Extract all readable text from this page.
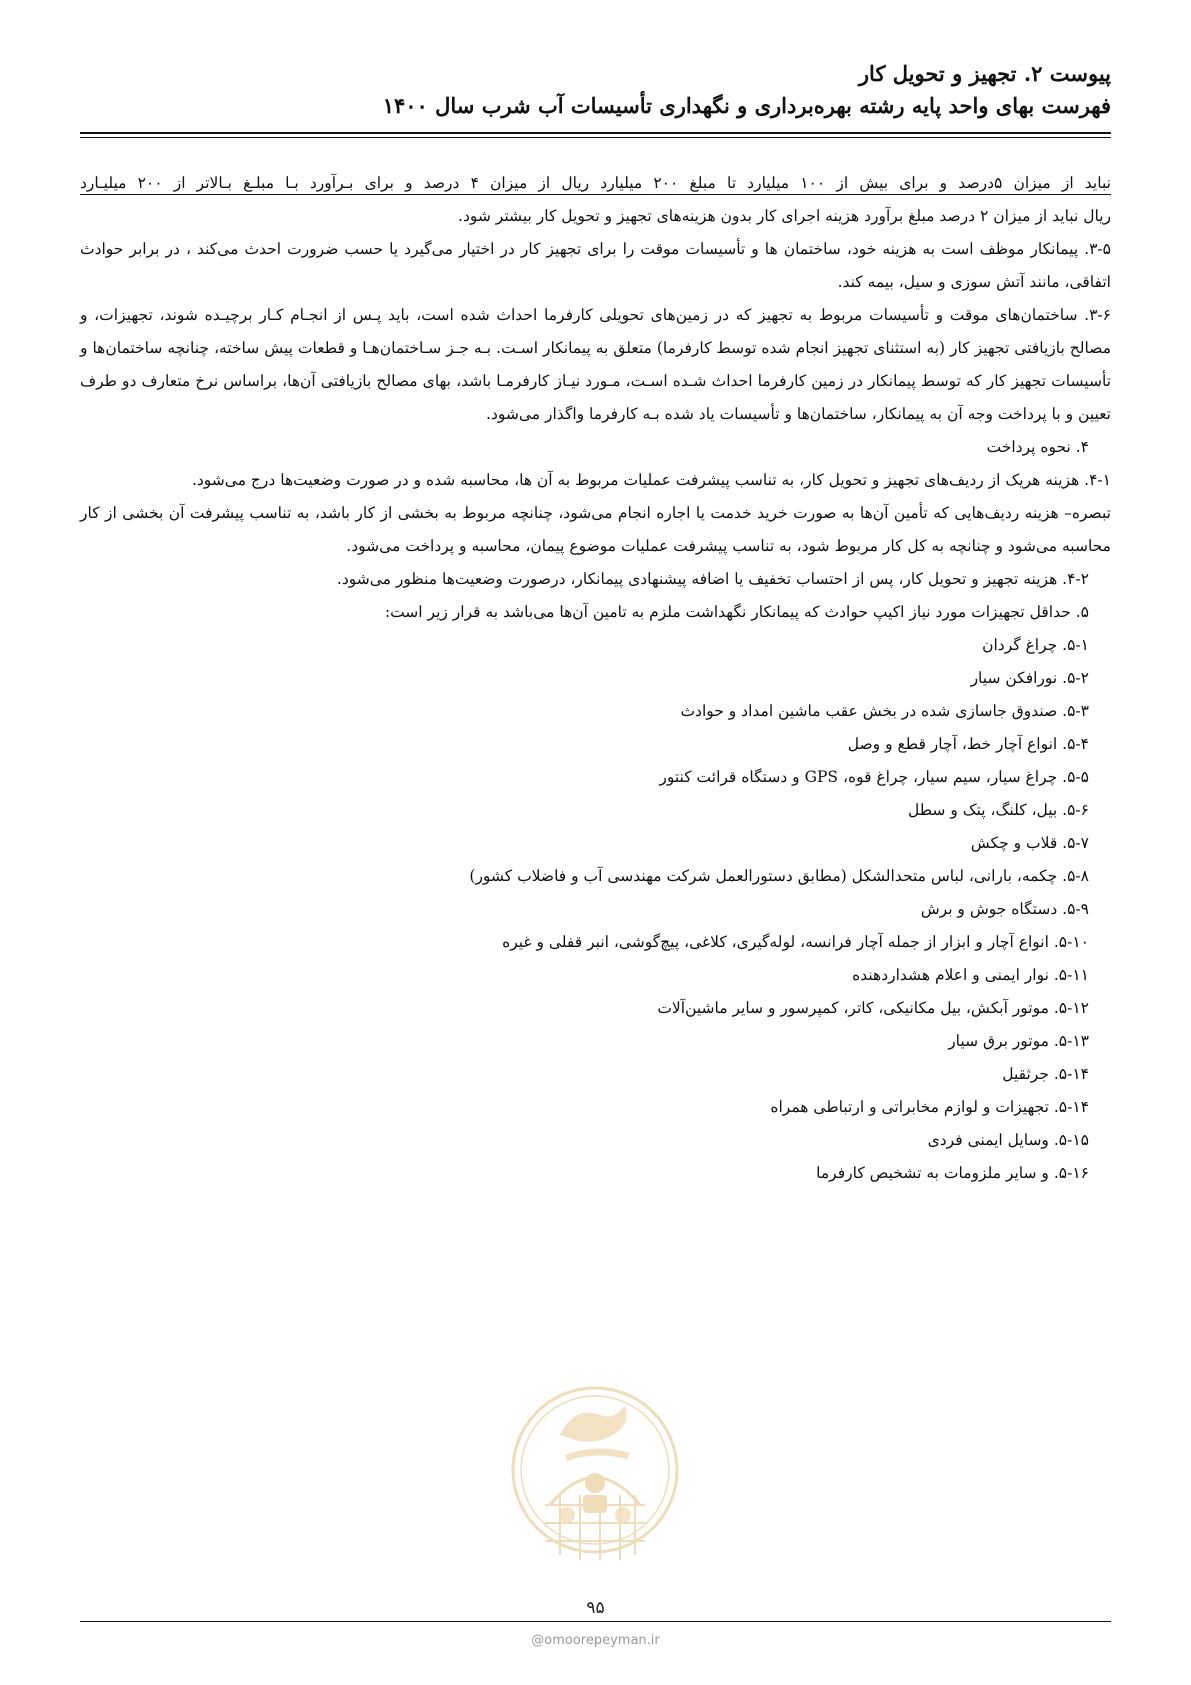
پیوست ۲. تجهیز و تحویل کار
فهرست بهای واحد پایه رشته بهره‌برداری و نگهداری تأسیسات آب شرب سال ۱۴۰۰

نباید از میزان ۵درصد و برای بیش از ۱۰۰ میلیارد تا مبلغ ۲۰۰ میلیارد ریال از میزان ۴ درصد و برای بـرآورد بـا مبلـغ بـالاتر از ۲۰۰ میلیـارد

ریال نباید از میزان ۲ درصد مبلغ برآورد هزینه اجرای کار بدون هزینه‌های تجهیز و تحویل کار بیشتر شود.

۳-۵. پیمانکار موظف است به هزینه خود، ساختمان ها و تأسیسات موقت را برای تجهیز کار در اختیار می‌گیرد یا حسب ضرورت احدث می‌کند ، در برابر حوادث اتفاقی، مانند آتش سوزی و سیل، بیمه کند.

۳-۶. ساختمان‌های موقت و تأسیسات مربوط به تجهیز که در زمین‌های تحویلی کارفرما احداث شده است، باید پـس از انجـام کـار برچیـده شوند، تجهیزات، و مصالح بازیافتی تجهیز کار (به استثنای تجهیز انجام شده توسط کارفرما) متعلق به پیمانکار اسـت. بـه جـز سـاختمان‌هـا و قطعات پیش ساخته، چنانچه ساختمان‌ها و تأسیسات تجهیز کار که توسط پیمانکار در زمین کارفرما احداث شـده اسـت، مـورد نیـاز کارفرمـا باشد، بهای مصالح بازیافتی آن‌ها، براساس نرخ متعارف دو طرف تعیین و با پرداخت وجه آن به پیمانکار، ساختمان‌ها و تأسیسات یاد شده بـه کارفرما واگذار می‌شود.

۴. نحوه پرداخت

۴-۱. هزینه هریک از ردیف‌های تجهیز و تحویل کار، به تناسب پیشرفت عملیات مربوط به آن ها، محاسبه شده و در صورت وضعیت‌ها درج می‌شود.

تبصره– هزینه ردیف‌هایی که تأمین آن‌ها به صورت خرید خدمت یا اجاره انجام می‌شود، چنانچه مربوط به بخشی از کار باشد، به تناسب پیشرفت آن بخشی از کار محاسبه می‌شود و چنانچه به کل کار مربوط شود، به تناسب پیشرفت عملیات موضوع پیمان، محاسبه و پرداخت می‌شود.

۴-۲. هزینه تجهیز و تحویل کار، پس از احتساب تخفیف یا اضافه پیشنهادی پیمانکار، درصورت وضعیت‌ها منظور می‌شود.

۵. حداقل تجهیزات مورد نیاز اکیپ حوادث که پیمانکار نگهداشت ملزم به تامین آن‌ها می‌باشد به قرار زیر است:

۵-۱. چراغ گردان

۵-۲. نورافکن سیار

۵-۳. صندوق جاسازی شده در بخش عقب ماشین امداد و حوادث

۵-۴. انواع آچار خط، آچار قطع و وصل

۵-۵. چراغ سیار، سیم سیار، چراغ قوه، GPS و دستگاه قرائت کنتور

۵-۶. بیل، کلنگ، پتک و سطل

۵-۷. قلاب و چکش

۵-۸. چکمه، بارانی، لباس متحدالشکل (مطابق دستورالعمل شرکت مهندسی آب و فاضلاب کشور)

۵-۹. دستگاه جوش و برش

۵-۱۰. انواع آچار و ابزار از جمله آچار فرانسه، لوله‌گیری، کلاغی، پیچ‌گوشی، انبر قفلی و غیره

۵-۱۱. نوار ایمنی و اعلام هشداردهنده

۵-۱۲. موتور آبکش، بیل مکانیکی، کاتر، کمپرسور و سایر ماشین‌آلات

۵-۱۳. موتور برق سیار

۵-۱۴. جرثقیل

۵-۱۴. تجهیزات و لوازم مخابراتی و ارتباطی همراه

۵-۱۵. وسایل ایمنی فردی

۵-۱۶. و سایر ملزومات به تشخیص کارفرما

۹۵
@omoorepeyman.ir
